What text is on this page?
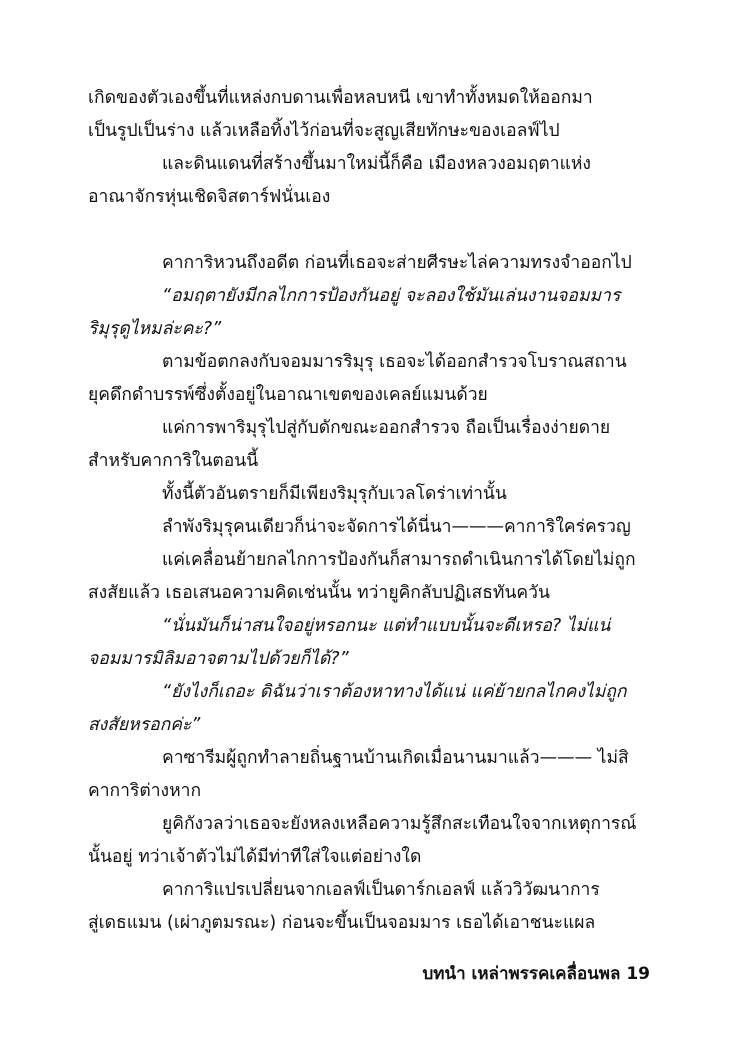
เกิดของตัวเองขึ้นที่แหล่งกบดานเพื่อหลบหนี เขาทำทั้งหมดให้ออกมา
เป็นรูปเป็นร่าง แล้วเหลือทิ้งไว้ก่อนที่จะสูญเสียทักษะของเอลฟ์ไป
และดินแดนที่สร้างขึ้นมาใหม่นี้ก็คือ เมืองหลวงอมฤตาแห่ง
อาณาจักรหุ่นเชิดจิสตาร์ฟนั่นเอง
คาการิหวนถึงอดีต ก่อนที่เธอจะส่ายศีรษะไล่ความทรงจำออกไป
“อมฤตายังมีกลไกการป้องกันอยู่ จะลองใช้มันเล่นงานจอมมาร
ริมุรุดูไหมล่ะคะ?”
ตามข้อตกลงกับจอมมารริมุรุ เธอจะได้ออกสำรวจโบราณสถาน
ยุคดึกดำบรรพ์ซึ่งตั้งอยู่ในอาณาเขตของเคลย์แมนด้วย
แค่การพาริมุรุไปสู่กับดักขณะออกสำรวจ ถือเป็นเรื่องง่ายดาย
สำหรับคาการิในตอนนี้
ทั้งนี้ตัวอันตรายก็มีเพียงริมุรุกับเวลโดร่าเท่านั้น
ลำพังริมุรุคนเดียวก็น่าจะจัดการได้นี่นา———คาการิใคร่ครวญ
แค่เคลื่อนย้ายกลไกการป้องกันก็สามารถดำเนินการได้โดยไม่ถูก
สงสัยแล้ว เธอเสนอความคิดเช่นนั้น ทว่ายูคิกลับปฏิเสธทันควัน
“นั่นมันก็น่าสนใจอยู่หรอกนะ แต่ทำแบบนั้นจะดีเหรอ? ไม่แน่
จอมมารมิลิมอาจตามไปด้วยก็ได้?”
“ยังไงก็เถอะ ดิฉันว่าเราต้องหาทางได้แน่ แค่ย้ายกลไกคงไม่ถูก
สงสัยหรอกค่ะ”
คาซารีมผู้ถูกทำลายถิ่นฐานบ้านเกิดเมื่อนานมาแล้ว——— ไม่สิ
คาการิต่างหาก
ยูคิกังวลว่าเธอจะยังหลงเหลือความรู้สึกสะเทือนใจจากเหตุการณ์
นั้นอยู่ ทว่าเจ้าตัวไม่ได้มีท่าทีใส่ใจแต่อย่างใด
คาการิแปรเปลี่ยนจากเอลฟ์เป็นดาร์กเอลฟ์ แล้ววิวัฒนาการ
สู่เดธแมน (เผ่าภูตมรณะ) ก่อนจะขึ้นเป็นจอมมาร เธอได้เอาชนะแผล
บทนำ เหล่าพรรคเคลื่อนพล 19
